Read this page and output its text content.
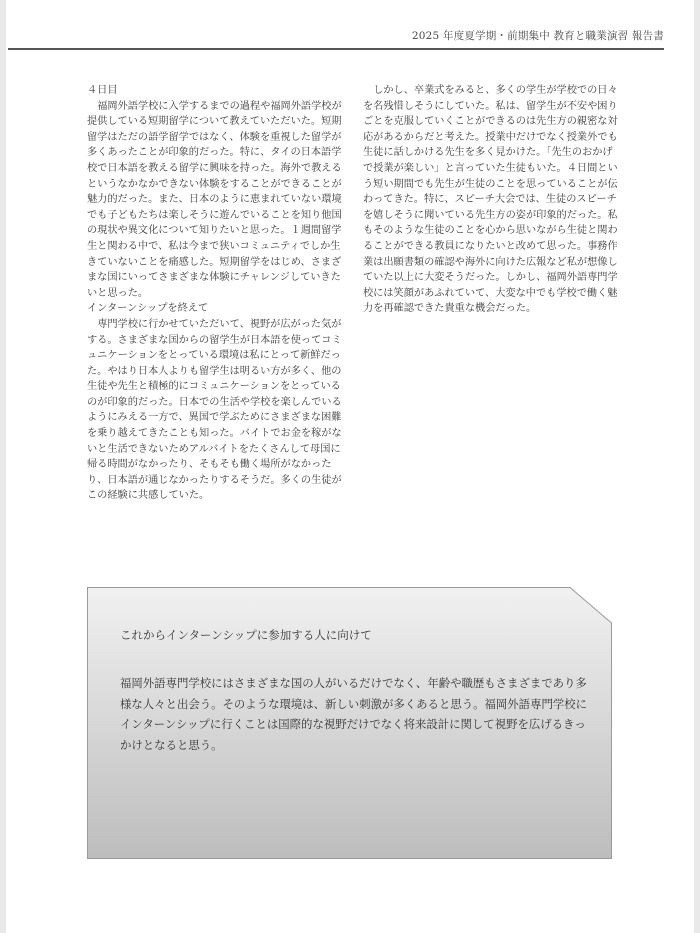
2025 年度夏学期・前期集中 教育と職業演習 報告書

４日目

福岡外語学校に入学するまでの過程や福岡外語学校が提供している短期留学について教えていただいた。短期留学はただの語学留学ではなく、体験を重視した留学が多くあったことが印象的だった。特に、タイの日本語学校で日本語を教える留学に興味を持った。海外で教えるというなかなかできない体験をすることができることが魅力的だった。また、日本のように恵まれていない環境でも子どもたちは楽しそうに遊んでいることを知り他国の現状や異文化について知りたいと思った。１週間留学生と関わる中で、私は今まで狭いコミュニティでしか生きていないことを痛感した。短期留学をはじめ、さまざまな国にいってさまざまな体験にチャレンジしていきたいと思った。

インターンシップを終えて

専門学校に行かせていただいて、視野が広がった気がする。さまざまな国からの留学生が日本語を使ってコミュニケーションをとっている環境は私にとって新鮮だった。やはり日本人よりも留学生は明るい方が多く、他の生徒や先生と積極的にコミュニケーションをとっているのが印象的だった。日本での生活や学校を楽しんでいるようにみえる一方で、異国で学ぶためにさまざまな困難を乗り越えてきたことも知った。バイトでお金を稼がないと生活できないためアルバイトをたくさんして母国に帰る時間がなかったり、そもそも働く場所がなかったり、日本語が通じなかったりするそうだ。多くの生徒がこの経験に共感していた。

しかし、卒業式をみると、多くの学生が学校での日々を名残惜しそうにしていた。私は、留学生が不安や困りごとを克服していくことができるのは先生方の親密な対応があるからだと考えた。授業中だけでなく授業外でも生徒に話しかける先生を多く見かけた。「先生のおかげで授業が楽しい」と言っていた生徒もいた。４日間という短い期間でも先生が生徒のことを思っていることが伝わってきた。特に、スピーチ大会では、生徒のスピーチを嬉しそうに聞いている先生方の姿が印象的だった。私もそのような生徒のことを心から思いながら生徒と関わることができる教員になりたいと改めて思った。事務作業は出願書類の確認や海外に向けた広報など私が想像していた以上に大変そうだった。しかし、福岡外語専門学校には笑顔があふれていて、大変な中でも学校で働く魅力を再確認できた貴重な機会だった。

これからインターンシップに参加する人に向けて

福岡外語専門学校にはさまざまな国の人がいるだけでなく、年齢や職歴もさまざまであり多様な人々と出会う。そのような環境は、新しい刺激が多くあると思う。福岡外語専門学校にインターンシップに行くことは国際的な視野だけでなく将来設計に関して視野を広げるきっかけとなると思う。
